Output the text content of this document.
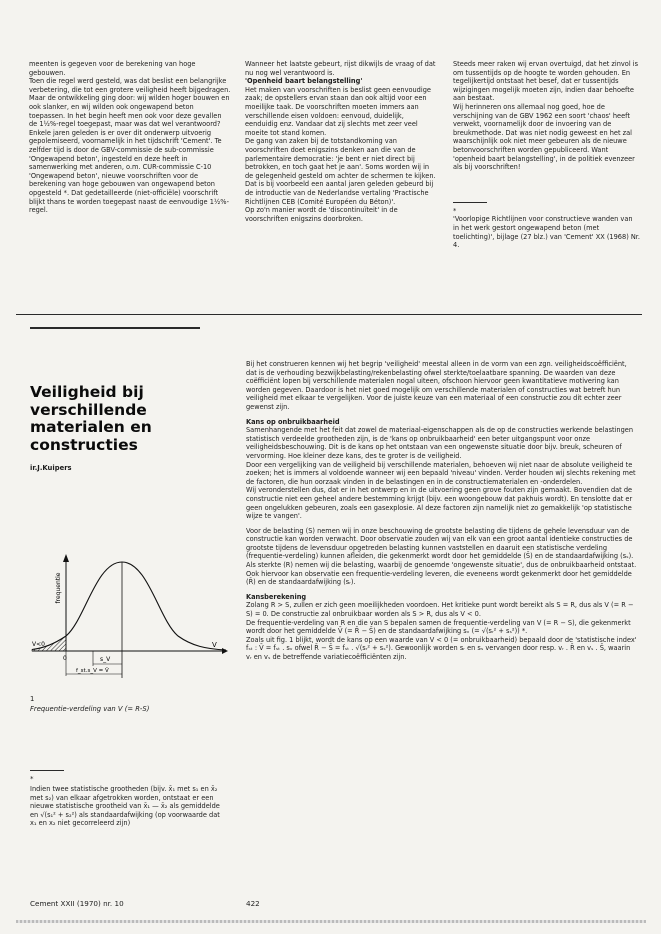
meenten is gegeven voor de berekening van hoge gebouwen.

Toen die regel werd gesteld, was dat beslist een belangrijke verbetering, die tot een grotere veiligheid heeft bijgedragen. Maar de ontwikkeling ging door: wij wilden hoger bouwen en ook slanker, en wij wilden ook ongewapend beton toepassen. In het begin heeft men ook voor deze gevallen de 1½%-regel toegepast, maar was dat wel verantwoord?

Enkele jaren geleden is er over dit onderwerp uitvoerig gepolemiseerd, voornamelijk in het tijdschrift 'Cement'. Te zelfder tijd is door de GBV-commissie de sub-commissie 'Ongewapend beton', ingesteld en deze heeft in samenwerking met anderen, o.m. CUR-commissie C-10 'Ongewapend beton', nieuwe voorschriften voor de berekening van hoge gebouwen van ongewapend beton opgesteld *. Dat gedetailleerde (niet-officiële) voorschrift blijkt thans te worden toegepast naast de eenvoudige 1½%-regel.

Wanneer het laatste gebeurt, rijst dikwijls de vraag of dat nu nog wel verantwoord is.

'Openheid baart belangstelling'

Het maken van voorschriften is beslist geen eenvoudige zaak; de opstellers ervan staan dan ook altijd voor een moeilijke taak. De voorschriften moeten immers aan verschillende eisen voldoen: eenvoud, duidelijk, eenduidig enz. Vandaar dat zij slechts met zeer veel moeite tot stand komen.

De gang van zaken bij de totstandkoming van voorschriften doet enigszins denken aan die van de parlementaire democratie: 'je bent er niet direct bij betrokken, en toch gaat het je aan'. Soms worden wij in de gelegenheid gesteld om achter de schermen te kijken. Dat is bij voorbeeld een aantal jaren geleden gebeurd bij de introductie van de Nederlandse vertaling 'Practische Richtlijnen CEB (Comité Européen du Béton)'.

Op zo'n manier wordt de 'discontinuïteit' in de voorschriften enigszins doorbroken.

Steeds meer raken wij ervan overtuigd, dat het zinvol is om tussentijds op de hoogte te worden gehouden. En tegelijkertijd ontstaat het besef, dat er tussentijds wijzigingen mogelijk moeten zijn, indien daar behoefte aan bestaat.

Wij herinneren ons allemaal nog goed, hoe de verschijning van de GBV 1962 een soort 'chaos' heeft verwekt, voornamelijk door de invoering van de breukmethode. Dat was niet nodig geweest en het zal waarschijnlijk ook niet meer gebeuren als de nieuwe betonvoorschriften worden gepubliceerd. Want 'openheid baart belangstelling', in de politiek evenzeer als bij voorschriften!

*

'Voorlopige Richtlijnen voor constructieve wanden van in het werk gestort ongewapend beton (met toelichting)', bijlage (27 blz.) van 'Cement' XX (1968) Nr. 4.

Veiligheid bij
verschillende
materialen en
constructies
ir.J.Kuipers
frequentie
V
V<0
0	s_V
f_st.s_V = V̄
1
Frequentie-verdeling van V (= R-S)
*

Indien twee statistische grootheden (bijv. x̄₁ met s₁ en x̄₂ met s₂) van elkaar afgetrokken worden, ontstaat er een nieuwe statistische grootheid van x̄₁ — x̄₂ als gemiddelde en √(s₁² + s₂²) als standaardafwijking (op voorwaarde dat x₁ en x₂ niet gecorreleerd zijn)

Bij het construeren kennen wij het begrip 'veiligheid' meestal alleen in de vorm van een zgn. veiligheidscoëfficiënt, dat is de verhouding bezwijkbelasting/rekenbelasting ofwel sterkte/toelaatbare spanning. De waarden van deze coëfficiënt lopen bij verschillende materialen nogal uiteen, ofschoon hiervoor geen kwantitatieve motivering kan worden gegeven. Daardoor is het niet goed mogelijk om verschillende materialen of constructies wat betreft hun veiligheid met elkaar te vergelijken. Voor de juiste keuze van een materiaal of een constructie zou dit echter zeer gewenst zijn.

Kans op onbruikbaarheid

Samenhangende met het feit dat zowel de materiaal-eigenschappen als de op de constructies werkende belastingen statistisch verdeelde grootheden zijn, is de 'kans op onbruikbaarheid' een beter uitgangspunt voor onze veiligheidsbeschouwing. Dit is de kans op het ontstaan van een ongewenste situatie door bijv. breuk, scheuren of vervorming. Hoe kleiner deze kans, des te groter is de veiligheid.

Door een vergelijking van de veiligheid bij verschillende materialen, behoeven wij niet naar de absolute veiligheid te zoeken; het is immers al voldoende wanneer wij een bepaald 'niveau' vinden. Verder houden wij slechts rekening met de factoren, die hun oorzaak vinden in de belastingen en in de constructiematerialen en -onderdelen.

Wij veronderstellen dus, dat er in het ontwerp en in de uitvoering geen grove fouten zijn gemaakt. Bovendien dat de constructie niet een geheel andere bestemming krijgt (bijv. een woongebouw dat pakhuis wordt). En tenslotte dat er geen ongelukken gebeuren, zoals een gasexplosie. Al deze factoren zijn namelijk niet zo gemakkelijk 'op statistische wijze te vangen'.

Voor de belasting (S) nemen wij in onze beschouwing de grootste belasting die tijdens de gehele levensduur van de constructie kan worden verwacht. Door observatie zouden wij van elk van een groot aantal identieke constructies de grootste tijdens de levensduur opgetreden belasting kunnen vaststellen en daaruit een statistische verdeling (frequentie-verdeling) kunnen afleiden, die gekenmerkt wordt door het gemiddelde (S̄) en de standaardafwijking (sₛ). Als sterkte (R) nemen wij die belasting, waarbij de genoemde 'ongewenste situatie', dus de onbruikbaarheid ontstaat. Ook hiervoor kan observatie een frequentie-verdeling leveren, die eveneens wordt gekenmerkt door het gemiddelde (R̄) en de standaardafwijking (sᵣ).

Kansberekening

Zolang R > S, zullen er zich geen moeilijkheden voordoen. Het kritieke punt wordt bereikt als S = R, dus als V (= R − S) = 0. De constructie zal onbruikbaar worden als S > R, dus als V < 0.

De frequentie-verdeling van R en die van S bepalen samen de frequentie-verdeling van V (= R − S), die gekenmerkt wordt door het gemiddelde V̄ (= R̄ − S̄) en de standaardafwijking sᵥ (= √(sᵣ² + sₛ²)) *.

Zoals uit fig. 1 blijkt, wordt de kans op een waarde van V < 0 (= onbruikbaarheid) bepaald door de 'statistische index' fₛₜ : V̄ = fₛₜ . sᵥ ofwel R̄ − S̄ = fₛₜ . √(sᵣ² + sₛ²). Gewoonlijk worden sᵣ en sₛ vervangen door resp. vᵣ . R̄ en vₛ . S̄, waarin vᵣ en vₛ de betreffende variatiecoëfficiënten zijn.

Cement XXII (1970) nr. 10	422
